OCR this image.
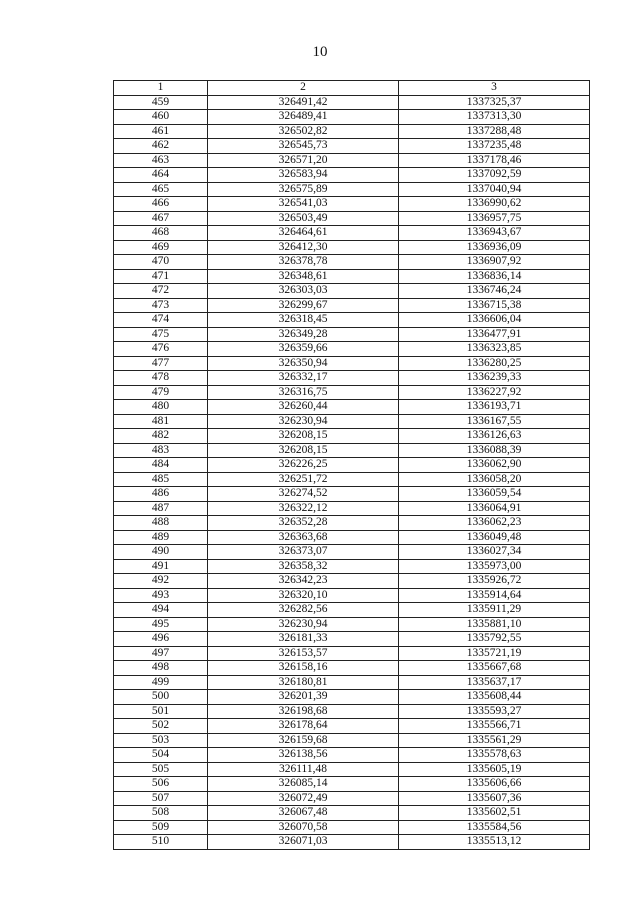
10
1	2	3
459	326491,42	1337325,37
460	326489,41	1337313,30
461	326502,82	1337288,48
462	326545,73	1337235,48
463	326571,20	1337178,46
464	326583,94	1337092,59
465	326575,89	1337040,94
466	326541,03	1336990,62
467	326503,49	1336957,75
468	326464,61	1336943,67
469	326412,30	1336936,09
470	326378,78	1336907,92
471	326348,61	1336836,14
472	326303,03	1336746,24
473	326299,67	1336715,38
474	326318,45	1336606,04
475	326349,28	1336477,91
476	326359,66	1336323,85
477	326350,94	1336280,25
478	326332,17	1336239,33
479	326316,75	1336227,92
480	326260,44	1336193,71
481	326230,94	1336167,55
482	326208,15	1336126,63
483	326208,15	1336088,39
484	326226,25	1336062,90
485	326251,72	1336058,20
486	326274,52	1336059,54
487	326322,12	1336064,91
488	326352,28	1336062,23
489	326363,68	1336049,48
490	326373,07	1336027,34
491	326358,32	1335973,00
492	326342,23	1335926,72
493	326320,10	1335914,64
494	326282,56	1335911,29
495	326230,94	1335881,10
496	326181,33	1335792,55
497	326153,57	1335721,19
498	326158,16	1335667,68
499	326180,81	1335637,17
500	326201,39	1335608,44
501	326198,68	1335593,27
502	326178,64	1335566,71
503	326159,68	1335561,29
504	326138,56	1335578,63
505	326111,48	1335605,19
506	326085,14	1335606,66
507	326072,49	1335607,36
508	326067,48	1335602,51
509	326070,58	1335584,56
510	326071,03	1335513,12
